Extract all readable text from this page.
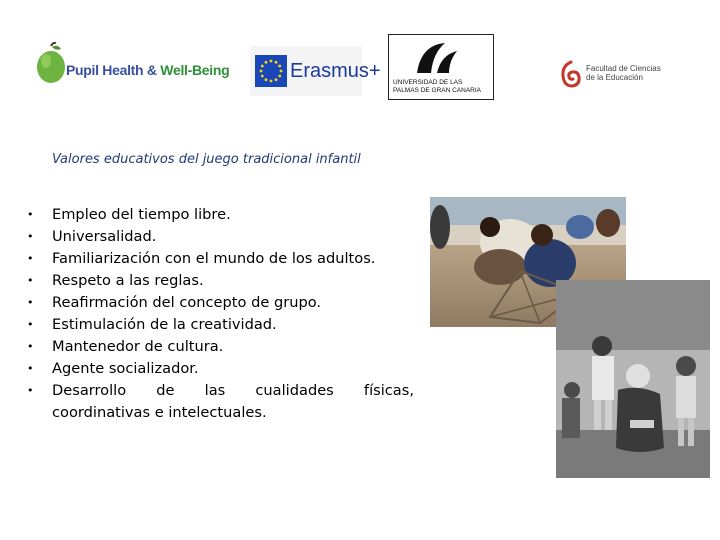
Pupil Health & Well-Being	Erasmus+
UNIVERSIDAD DE LAS PALMAS DE GRAN CANARIA
Facultad de Ciencias de la Educación
Valores educativos del juego tradicional infantil
• Empleo del tiempo libre.
• Universalidad.
• Familiarización con el mundo de los adultos.
• Respeto a las reglas.
• Reafirmación del concepto de grupo.
• Estimulación de la creatividad.
• Mantenedor de cultura.
• Agente socializador.
• Desarrollo de las cualidades físicas, coordinativas e intelectuales.
